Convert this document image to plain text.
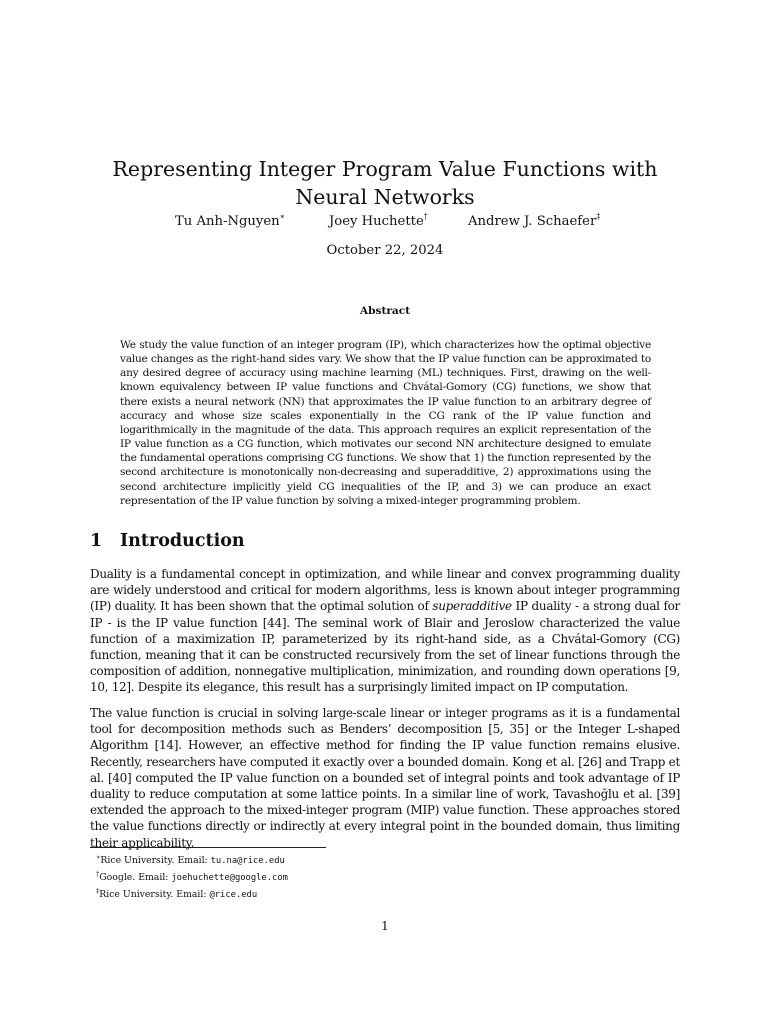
Representing Integer Program Value Functions with Neural Networks
Tu Anh-Nguyen∗	Joey Huchette†	Andrew J. Schaefer‡
October 22, 2024
Abstract

We study the value function of an integer program (IP), which characterizes how the optimal objective value changes as the right-hand sides vary. We show that the IP value function can be approximated to any desired degree of accuracy using machine learning (ML) techniques. First, drawing on the well-known equivalency between IP value functions and Chvátal-Gomory (CG) functions, we show that there exists a neural network (NN) that approximates the IP value function to an arbitrary degree of accuracy and whose size scales exponentially in the CG rank of the IP value function and logarithmically in the magnitude of the data. This approach requires an explicit representation of the IP value function as a CG function, which motivates our second NN architecture designed to emulate the fundamental operations comprising CG functions. We show that 1) the function represented by the second architecture is monotonically non-decreasing and superadditive, 2) approximations using the second architecture implicitly yield CG inequalities of the IP, and 3) we can produce an exact representation of the IP value function by solving a mixed-integer programming problem.

1 Introduction

Duality is a fundamental concept in optimization, and while linear and convex programming duality are widely understood and critical for modern algorithms, less is known about integer programming (IP) duality. It has been shown that the optimal solution of superadditive IP duality - a strong dual for IP - is the IP value function [44]. The seminal work of Blair and Jeroslow characterized the value function of a maximization IP, parameterized by its right-hand side, as a Chvátal-Gomory (CG) function, meaning that it can be constructed recursively from the set of linear functions through the composition of addition, nonnegative multiplication, minimization, and rounding down operations [9, 10, 12]. Despite its elegance, this result has a surprisingly limited impact on IP computation.

The value function is crucial in solving large-scale linear or integer programs as it is a fundamental tool for decomposition methods such as Benders’ decomposition [5, 35] or the Integer L-shaped Algorithm [14]. However, an effective method for finding the IP value function remains elusive. Recently, researchers have computed it exactly over a bounded domain. Kong et al. [26] and Trapp et al. [40] computed the IP value function on a bounded set of integral points and took advantage of IP duality to reduce computation at some lattice points. In a similar line of work, Tavashoğlu et al. [39] extended the approach to the mixed-integer program (MIP) value function. These approaches stored the value functions directly or indirectly at every integral point in the bounded domain, thus limiting their applicability.

∗Rice University. Email: tu.na@rice.edu
†Google. Email: joehuchette@google.com
‡Rice University. Email: @rice.edu
1
